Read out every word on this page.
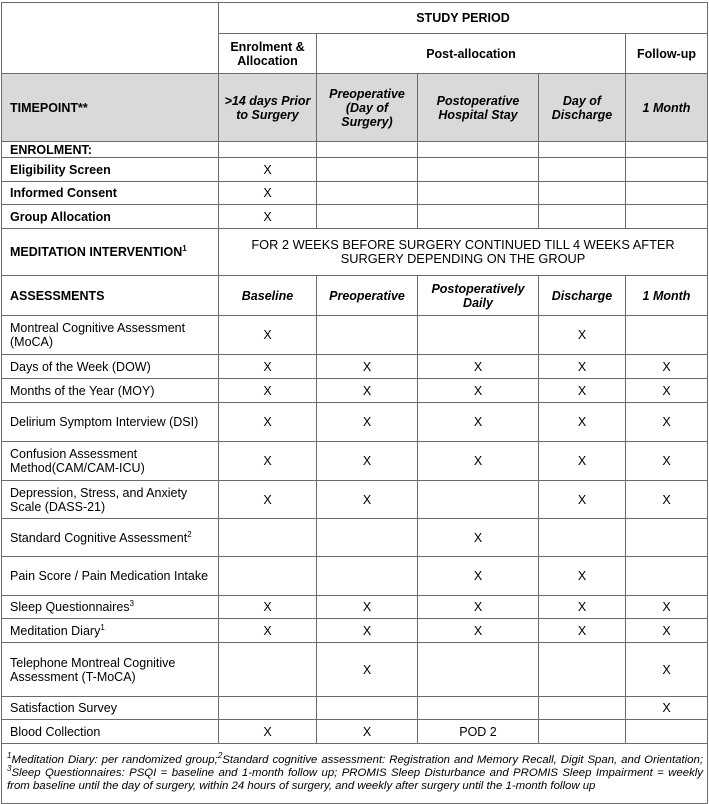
	STUDY PERIOD				
	Enrolment & Allocation	Post-allocation			Follow-up
TIMEPOINT**	>14 days Prior to Surgery	Preoperative (Day of Surgery)	Postoperative Hospital Stay	Day of Discharge	1 Month
ENROLMENT:					
Eligibility Screen	X				
Informed Consent	X				
Group Allocation	X				
MEDITATION INTERVENTION$^1$	FOR 2 WEEKS BEFORE SURGERY CONTINUED TILL 4 WEEKS AFTER SURGERY DEPENDING ON THE GROUP				
ASSESSMENTS	Baseline	Preoperative	Postoperatively Daily	Discharge	1 Month
Montreal Cognitive Assessment (MoCA)	X			X	
Days of the Week (DOW)	X	X	X	X	X
Months of the Year (MOY)	X	X	X	X	X
Delirium Symptom Interview (DSI)	X	X	X	X	X
Confusion Assessment Method(CAM/CAM-ICU)	X	X	X	X	X
Depression, Stress, and Anxiety Scale (DASS-21)	X	X		X	X
Standard Cognitive Assessment$^2$			X		
Pain Score / Pain Medication Intake			X	X	
Sleep Questionnaires$^3$	X	X	X	X	X
Meditation Diary$^1$	X	X	X	X	X
Telephone Montreal Cognitive Assessment (T-MoCA)		X			X
Satisfaction Survey					X
Blood Collection	X	X	POD 2		
$^1$Meditation Diary: per randomized group;$^2$Standard cognitive assessment: Registration and Memory Recall, Digit Span, and Orientation; $^3$Sleep Questionnaires: PSQI = baseline and 1-month follow up; PROMIS Sleep Disturbance and PROMIS Sleep Impairment = weekly from baseline until the day of surgery, within 24 hours of surgery, and weekly after surgery until the 1-month follow up					
